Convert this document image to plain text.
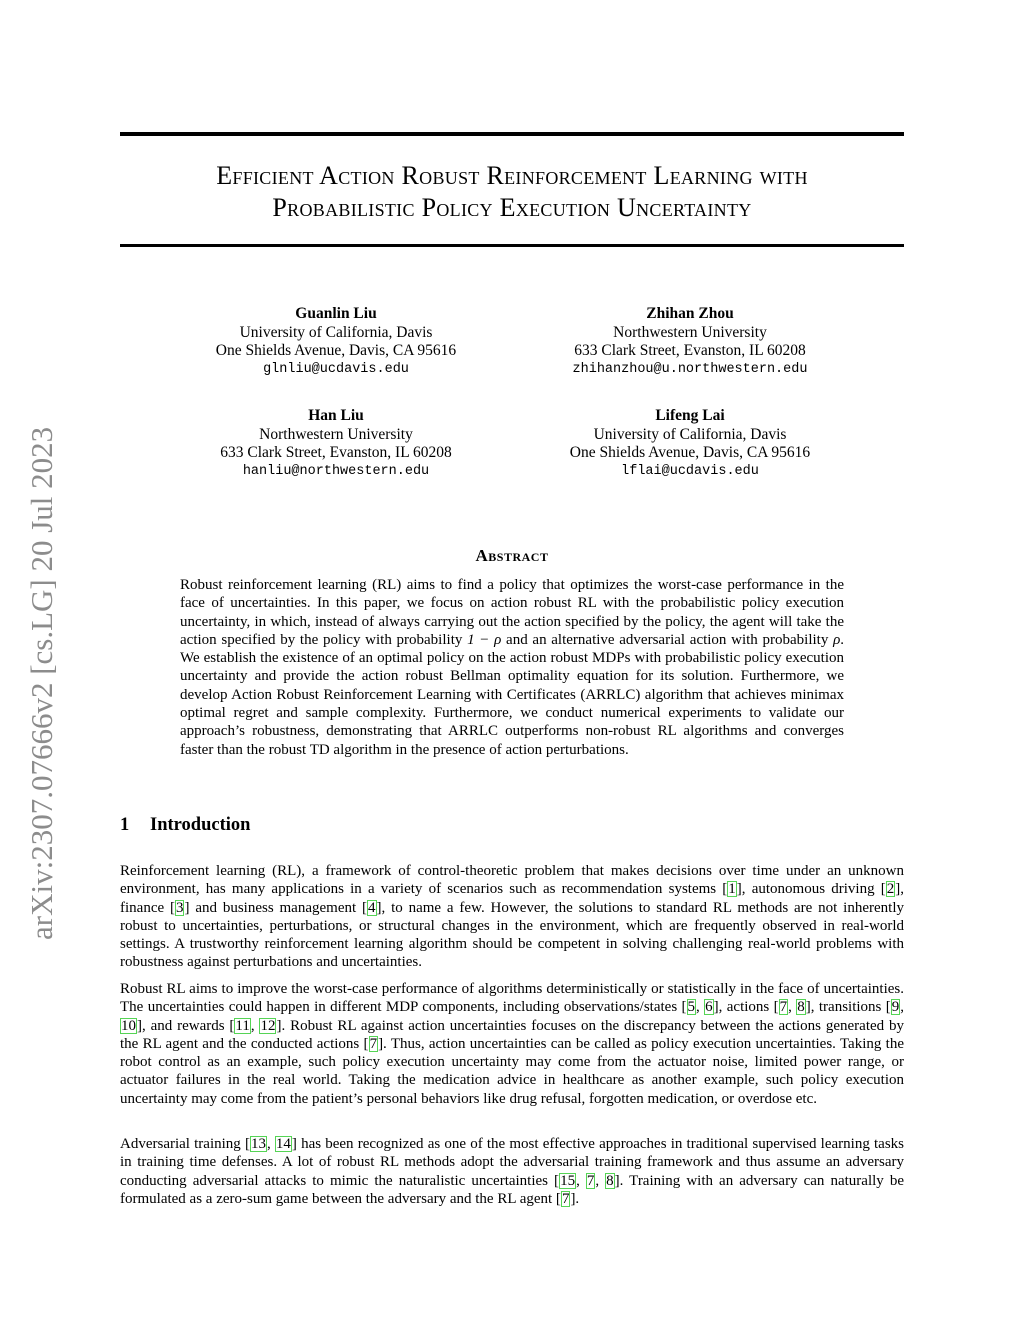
Efficient Action Robust Reinforcement Learning with
Probabilistic Policy Execution Uncertainty
Guanlin Liu
University of California, Davis
One Shields Avenue, Davis, CA 95616
glnliu@ucdavis.edu
Zhihan Zhou
Northwestern University
633 Clark Street, Evanston, IL 60208
zhihanzhou@u.northwestern.edu
Han Liu
Northwestern University
633 Clark Street, Evanston, IL 60208
hanliu@northwestern.edu
Lifeng Lai
University of California, Davis
One Shields Avenue, Davis, CA 95616
lflai@ucdavis.edu
arXiv:2307.07666v2 [cs.LG] 20 Jul 2023	Abstract
Robust reinforcement learning (RL) aims to find a policy that optimizes the worst-case performance in the face of uncertainties. In this paper, we focus on action robust RL with the probabilistic policy execution uncertainty, in which, instead of always carrying out the action specified by the policy, the agent will take the action specified by the policy with probability 1 − ρ and an alternative adversarial action with probability ρ. We establish the existence of an optimal policy on the action robust MDPs with probabilistic policy execution uncertainty and provide the action robust Bellman optimality equation for its solution. Furthermore, we develop Action Robust Reinforcement Learning with Certificates (ARRLC) algorithm that achieves minimax optimal regret and sample complexity. Furthermore, we conduct numerical experiments to validate our approach’s robustness, demonstrating that ARRLC outperforms non-robust RL algorithms and converges faster than the robust TD algorithm in the presence of action perturbations.
1 Introduction
Reinforcement learning (RL), a framework of control-theoretic problem that makes decisions over time under an unknown environment, has many applications in a variety of scenarios such as recommendation systems [1], autonomous driving [2], finance [3] and business management [4], to name a few. However, the solutions to standard RL methods are not inherently robust to uncertainties, perturbations, or structural changes in the environment, which are frequently observed in real-world settings. A trustworthy reinforcement learning algorithm should be competent in solving challenging real-world problems with robustness against perturbations and uncertainties.
Robust RL aims to improve the worst-case performance of algorithms deterministically or statistically in the face of uncertainties. The uncertainties could happen in different MDP components, including observations/states [5, 6], actions [7, 8], transitions [9, 10], and rewards [11, 12]. Robust RL against action uncertainties focuses on the discrepancy between the actions generated by the RL agent and the conducted actions [7]. Thus, action uncertainties can be called as policy execution uncertainties. Taking the robot control as an example, such policy execution uncertainty may come from the actuator noise, limited power range, or actuator failures in the real world. Taking the medication advice in healthcare as another example, such policy execution uncertainty may come from the patient’s personal behaviors like drug refusal, forgotten medication, or overdose etc.
Adversarial training [13, 14] has been recognized as one of the most effective approaches in traditional supervised learning tasks in training time defenses. A lot of robust RL methods adopt the adversarial training framework and thus assume an adversary conducting adversarial attacks to mimic the naturalistic uncertainties [15, 7, 8]. Training with an adversary can naturally be formulated as a zero-sum game between the adversary and the RL agent [7].
